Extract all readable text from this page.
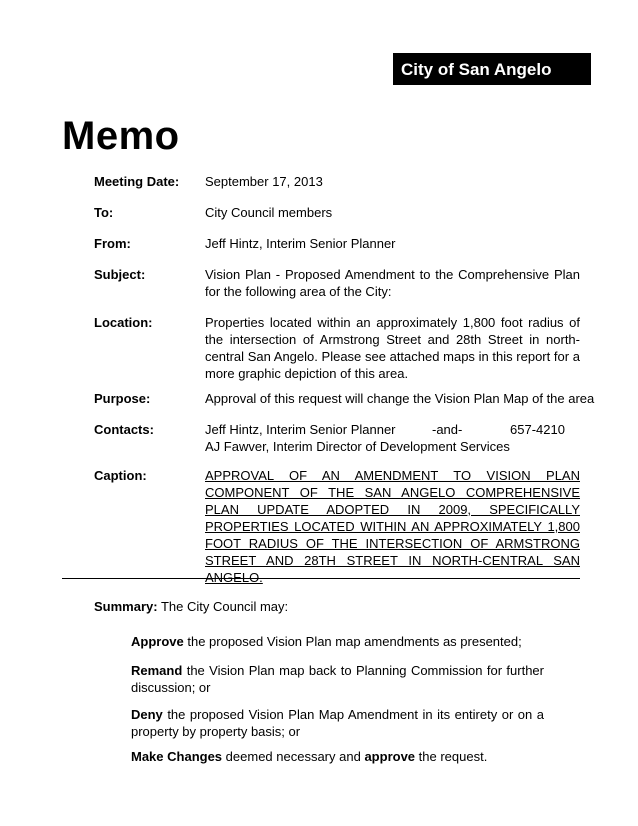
City of San Angelo
Memo
Meeting Date: September 17, 2013
To:	City Council members
From:	Jeff Hintz, Interim Senior Planner
Subject:	Vision Plan - Proposed Amendment to the Comprehensive Plan for the following area of the City:
Location:	Properties located within an approximately 1,800 foot radius of the intersection of Armstrong Street and 28th Street in north-central San Angelo. Please see attached maps in this report for a more graphic depiction of this area.
Purpose:	Approval of this request will change the Vision Plan Map of the area
Contacts:	Jeff Hintz, Interim Senior Planner	-and-	657-4210
AJ Fawver, Interim Director of Development Services
Caption:	APPROVAL OF AN AMENDMENT TO VISION PLAN COMPONENT OF THE SAN ANGELO COMPREHENSIVE PLAN UPDATE ADOPTED IN 2009, SPECIFICALLY PROPERTIES LOCATED WITHIN AN APPROXIMATELY 1,800 FOOT RADIUS OF THE INTERSECTION OF ARMSTRONG STREET AND 28TH STREET IN NORTH-CENTRAL SAN ANGELO.
Summary: The City Council may:
Approve the proposed Vision Plan map amendments as presented;
Remand the Vision Plan map back to Planning Commission for further discussion; or
Deny the proposed Vision Plan Map Amendment in its entirety or on a property by property basis; or
Make Changes deemed necessary and approve the request.
